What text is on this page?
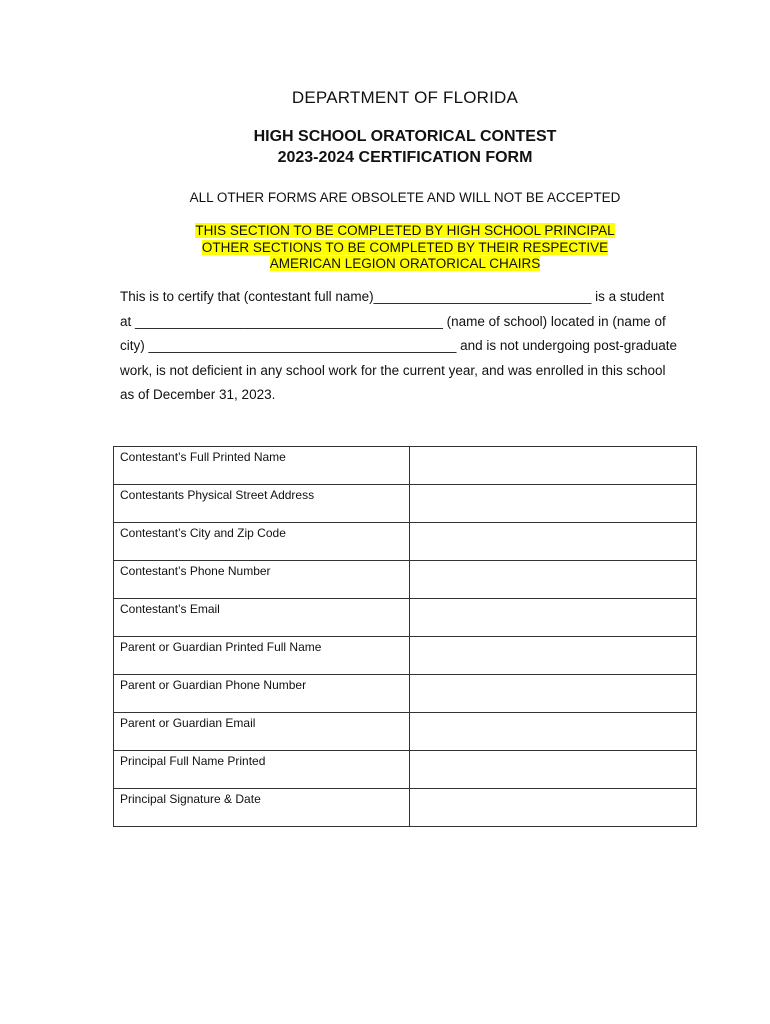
DEPARTMENT OF FLORIDA
HIGH SCHOOL ORATORICAL CONTEST
2023-2024 CERTIFICATION FORM
ALL OTHER FORMS ARE OBSOLETE AND WILL NOT BE ACCEPTED
THIS SECTION TO BE COMPLETED BY HIGH SCHOOL PRINCIPAL
OTHER SECTIONS TO BE COMPLETED BY THEIR RESPECTIVE
AMERICAN LEGION ORATORICAL CHAIRS
This is to certify that (contestant full name)_____________________________ is a student
at _________________________________________ (name of school) located in (name of
city) _________________________________________ and is not undergoing post-graduate
work, is not deficient in any school work for the current year, and was enrolled in this school
as of December 31, 2023.
Contestant’s Full Printed Name	
Contestants Physical Street Address	
Contestant’s City and Zip Code	
Contestant’s Phone Number	
Contestant’s Email	
Parent or Guardian Printed Full Name	
Parent or Guardian Phone Number	
Parent or Guardian Email	
Principal Full Name Printed	
Principal Signature & Date	
